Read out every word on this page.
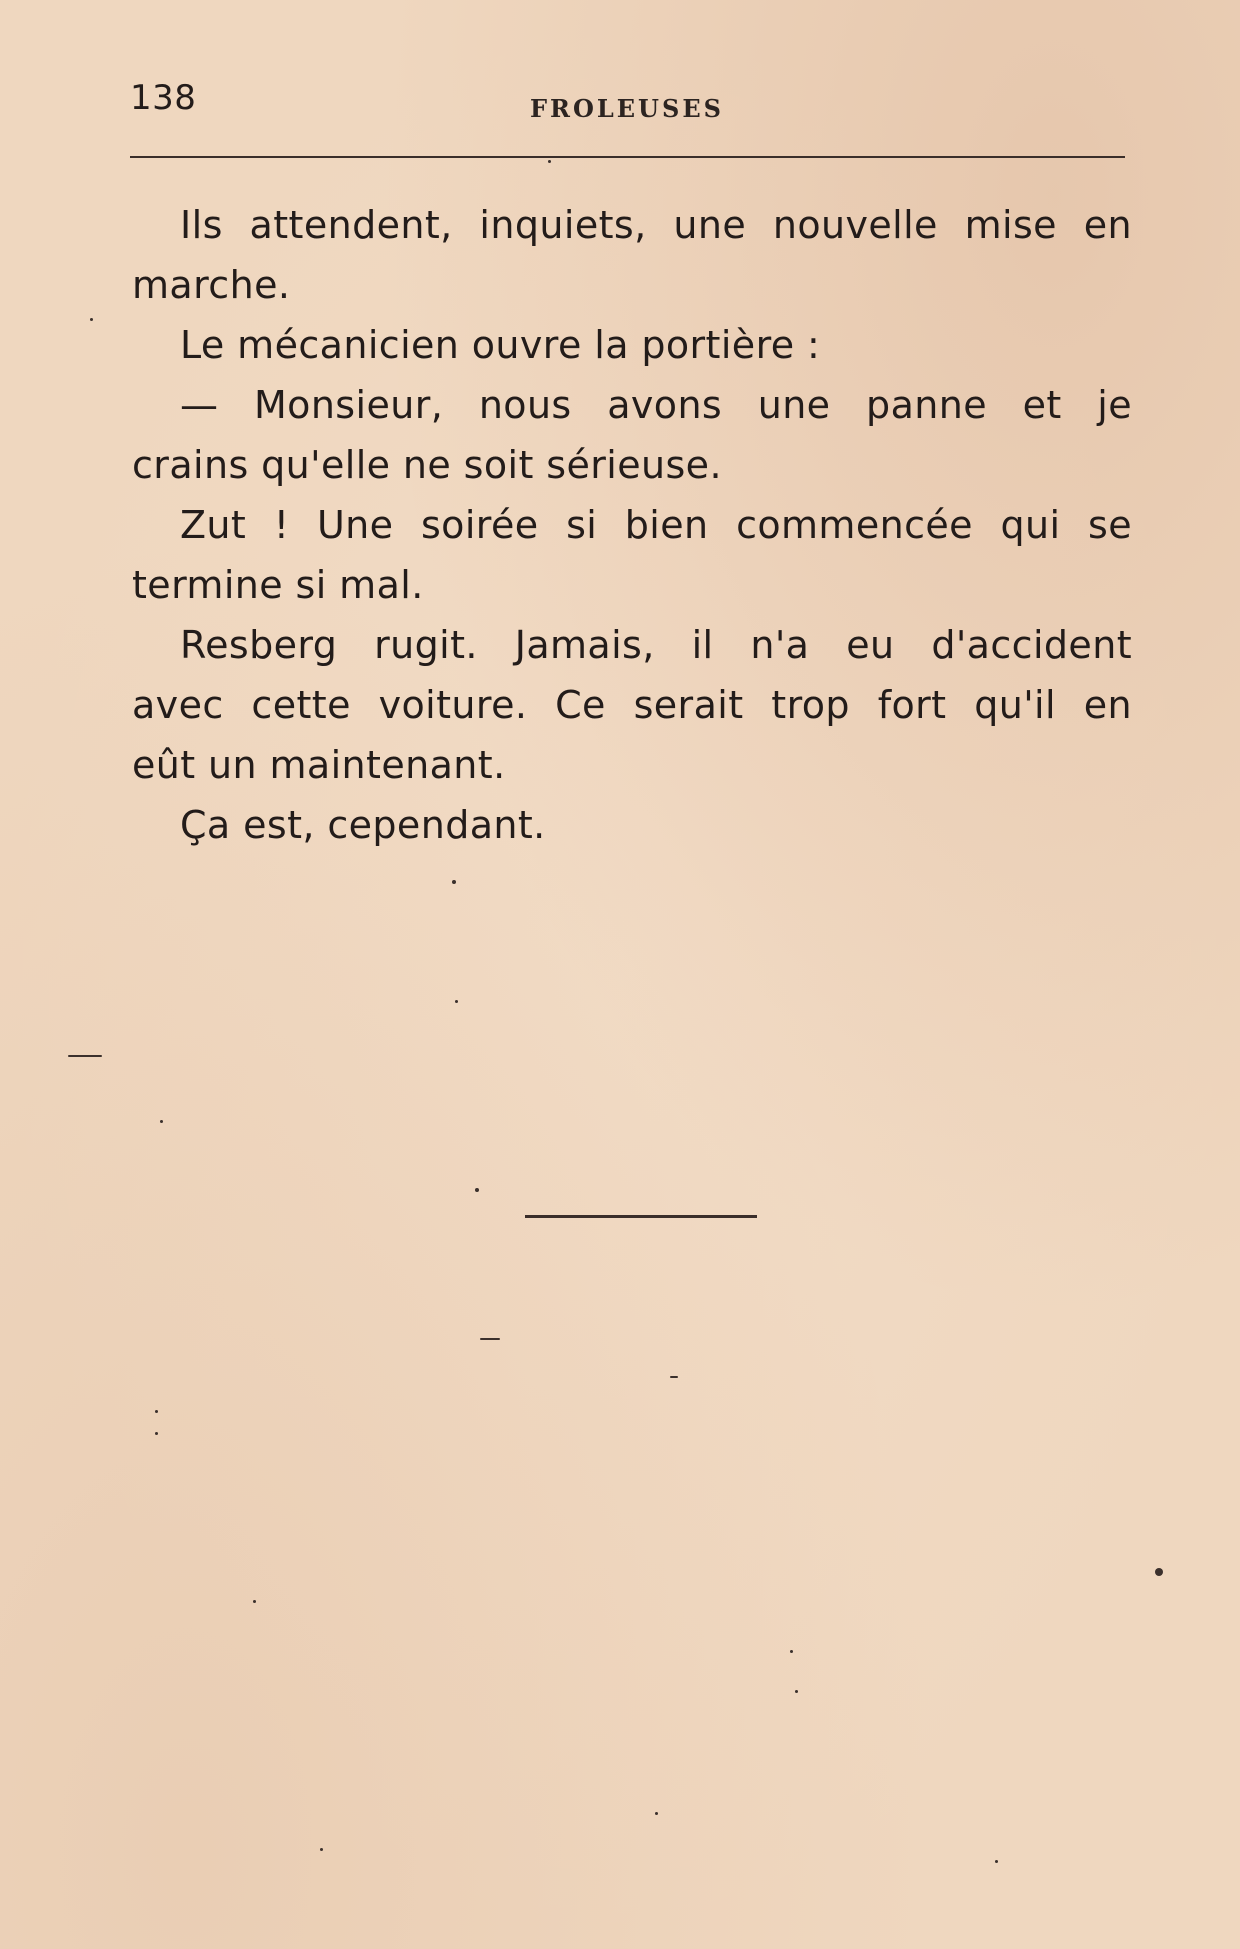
138	FROLEUSES
Ils attendent, inquiets, une nouvelle mise en
marche.
Le mécanicien ouvre la portière :
— Monsieur, nous avons une panne et je
crains qu'elle ne soit sérieuse.
Zut ! Une soirée si bien commencée qui se
termine si mal.
Resberg rugit. Jamais, il n'a eu d'accident
avec cette voiture. Ce serait trop fort qu'il en
eût un maintenant.
Ça est, cependant.
